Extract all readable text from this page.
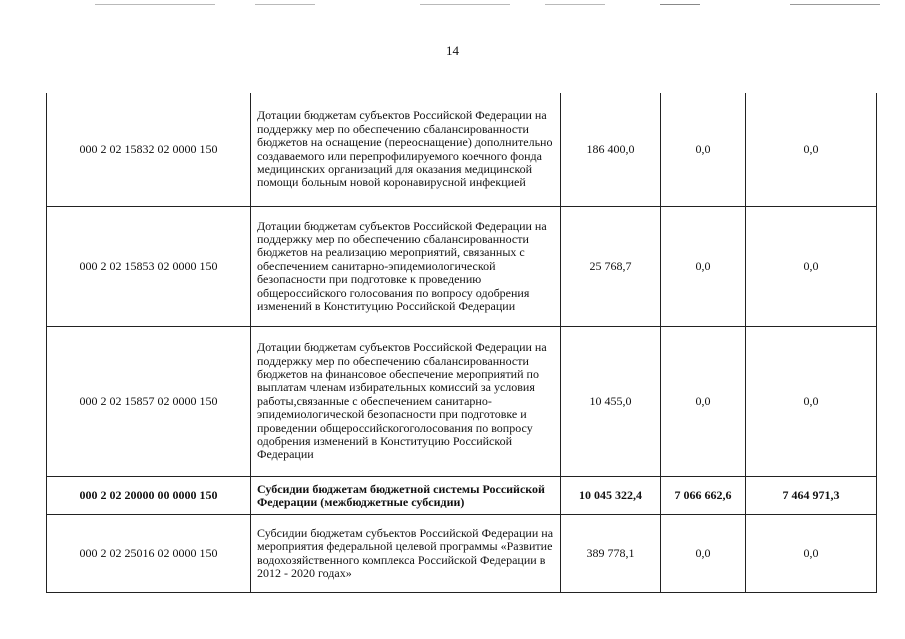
14
000 2 02 15832 02 0000 150	Дотации бюджетам субъектов Российской Федерации на поддержку мер по обеспечению сбалансированности бюджетов на оснащение (переоснащение) дополнительно создаваемого или перепрофилируемого коечного фонда медицинских организаций для оказания медицинской помощи больным новой коронавирусной инфекцией	186 400,0	0,0	0,0
000 2 02 15853 02 0000 150	Дотации бюджетам субъектов Российской Федерации на поддержку мер по обеспечению сбалансированности бюджетов на реализацию мероприятий, связанных с обеспечением санитарно-эпидемиологической безопасности при подготовке к проведению общероссийского голосования по вопросу одобрения изменений в Конституцию Российской Федерации	25 768,7	0,0	0,0
000 2 02 15857 02 0000 150	Дотации бюджетам субъектов Российской Федерации на поддержку мер по обеспечению сбалансированности бюджетов на финансовое обеспечение мероприятий по выплатам членам избирательных комиссий за условия работы,связанные с обеспечением санитарно-эпидемиологической безопасности при подготовке и проведении общероссийскогоголосования по вопросу одобрения изменений в Конституцию Российской Федерации	10 455,0	0,0	0,0
000 2 02 20000 00 0000 150	Субсидии бюджетам бюджетной системы Российской Федерации (межбюджетные субсидии)	10 045 322,4	7 066 662,6	7 464 971,3
000 2 02 25016 02 0000 150	Субсидии бюджетам субъектов Российской Федерации на мероприятия федеральной целевой программы «Развитие водохозяйственного комплекса Российской Федерации в 2012 - 2020 годах»	389 778,1	0,0	0,0
